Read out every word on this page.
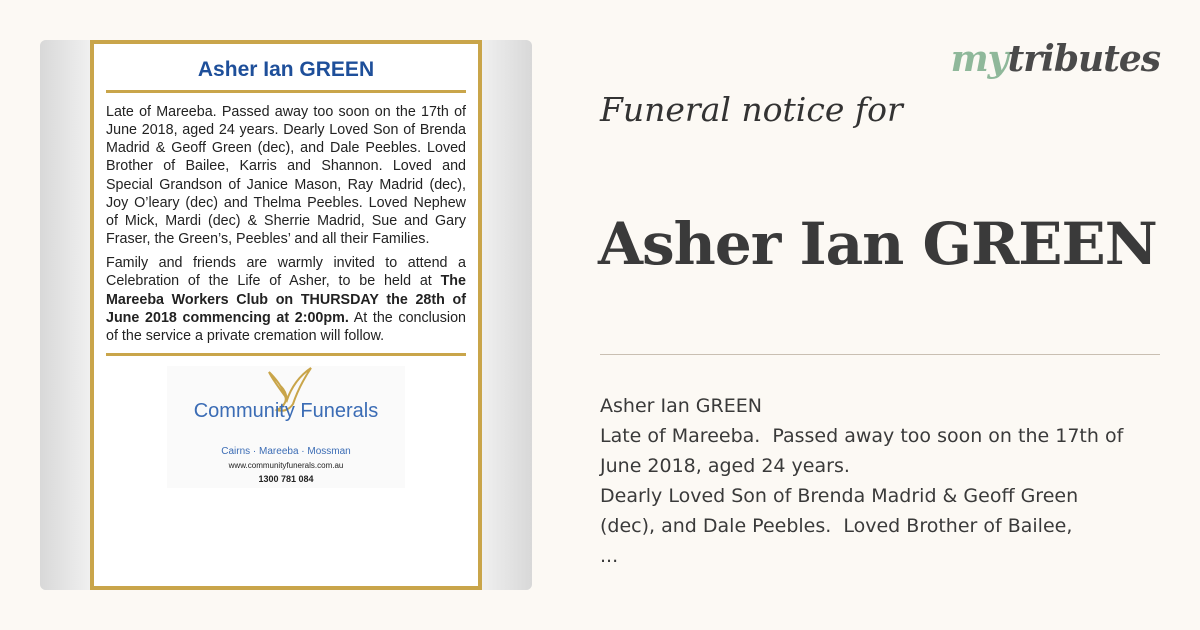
Asher Ian GREEN

Late of Mareeba. Passed away too soon on the 17th of June 2018, aged 24 years. Dearly Loved Son of Brenda Madrid & Geoff Green (dec), and Dale Peebles. Loved Brother of Bailee, Karris and Shannon. Loved and Special Grandson of Janice Mason, Ray Madrid (dec), Joy O’leary (dec) and Thelma Peebles. Loved Nephew of Mick, Mardi (dec) & Sherrie Madrid, Sue and Gary Fraser, the Green’s, Peebles’ and all their Families.

Family and friends are warmly invited to attend a Celebration of the Life of Asher, to be held at The Mareeba Workers Club on THURSDAY the 28th of June 2018 commencing at 2:00pm. At the conclusion of the service a private cremation will follow.

Community Funerals
Cairns · Mareeba · Mossman
www.communityfunerals.com.au
1300 781 084
mytributes
Funeral notice for
Asher Ian GREEN
Asher Ian GREEN
Late of Mareeba.  Passed away too soon on the 17th of
June 2018, aged 24 years.
Dearly Loved Son of Brenda Madrid & Geoff Green
(dec), and Dale Peebles.  Loved Brother of Bailee,
...
